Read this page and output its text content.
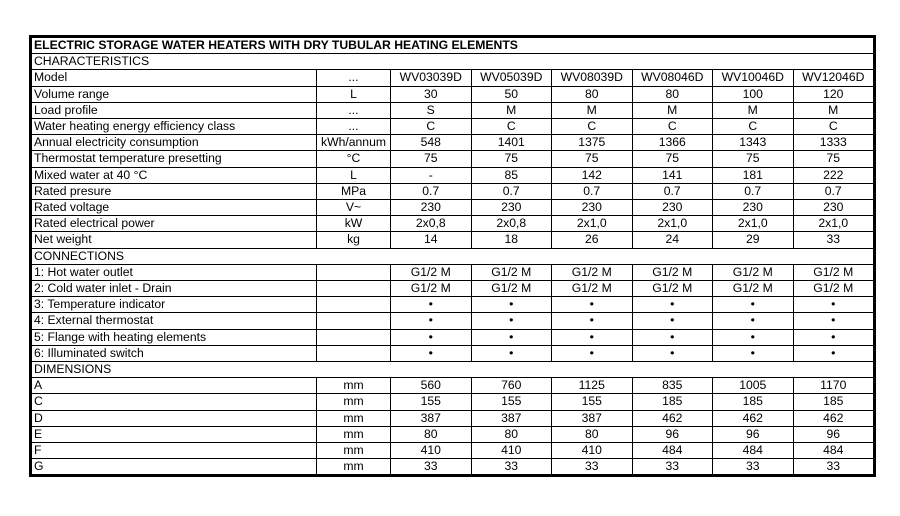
ELECTRIC STORAGE WATER HEATERS WITH DRY TUBULAR HEATING ELEMENTS							
CHARACTERISTICS							
Model	...	WV03039D	WV05039D	WV08039D	WV08046D	WV10046D	WV12046D
Volume range	L	30	50	80	80	100	120
Load profile	...	S	M	M	M	M	M
Water heating energy efficiency class	...	C	C	C	C	C	C
Annual electricity consumption	kWh/annum	548	1401	1375	1366	1343	1333
Thermostat temperature presetting	°C	75	75	75	75	75	75
Mixed water at 40 °C	L	-	85	142	141	181	222
Rated presure	MPa	0.7	0.7	0.7	0.7	0.7	0.7
Rated voltage	V~	230	230	230	230	230	230
Rated electrical power	kW	2x0,8	2x0,8	2x1,0	2x1,0	2x1,0	2x1,0
Net weight	kg	14	18	26	24	29	33
CONNECTIONS							
1: Hot water outlet		G1/2 M	G1/2 M	G1/2 M	G1/2 M	G1/2 M	G1/2 M
2: Cold water inlet - Drain		G1/2 M	G1/2 M	G1/2 M	G1/2 M	G1/2 M	G1/2 M
3: Temperature indicator		•	•	•	•	•	•
4: External thermostat		•	•	•	•	•	•
5: Flange with heating elements		•	•	•	•	•	•
6: Illuminated switch		•	•	•	•	•	•
DIMENSIONS							
A	mm	560	760	1125	835	1005	1170
C	mm	155	155	155	185	185	185
D	mm	387	387	387	462	462	462
E	mm	80	80	80	96	96	96
F	mm	410	410	410	484	484	484
G	mm	33	33	33	33	33	33
